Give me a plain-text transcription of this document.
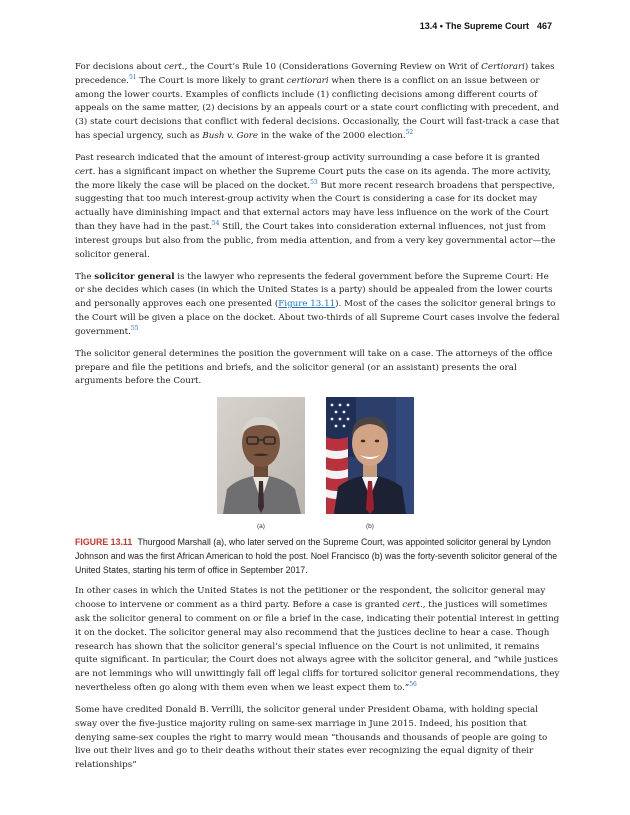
13.4 • The Supreme Court 467

For decisions about cert., the Court’s Rule 10 (Considerations Governing Review on Writ of Certiorari) takes precedence.$^{51}$ The Court is more likely to grant certiorari when there is a conflict on an issue between or among the lower courts. Examples of conflicts include (1) conflicting decisions among different courts of appeals on the same matter, (2) decisions by an appeals court or a state court conflicting with precedent, and (3) state court decisions that conflict with federal decisions. Occasionally, the Court will fast-track a case that has special urgency, such as Bush v. Gore in the wake of the 2000 election.$^{52}$

Past research indicated that the amount of interest-group activity surrounding a case before it is granted cert. has a significant impact on whether the Supreme Court puts the case on its agenda. The more activity, the more likely the case will be placed on the docket.$^{53}$ But more recent research broadens that perspective, suggesting that too much interest-group activity when the Court is considering a case for its docket may actually have diminishing impact and that external actors may have less influence on the work of the Court than they have had in the past.$^{54}$ Still, the Court takes into consideration external influences, not just from interest groups but also from the public, from media attention, and from a very key governmental actor—the solicitor general.

The solicitor general is the lawyer who represents the federal government before the Supreme Court: He or she decides which cases (in which the United States is a party) should be appealed from the lower courts and personally approves each one presented (Figure 13.11). Most of the cases the solicitor general brings to the Court will be given a place on the docket. About two-thirds of all Supreme Court cases involve the federal government.$^{55}$

The solicitor general determines the position the government will take on a case. The attorneys of the office prepare and file the petitions and briefs, and the solicitor general (or an assistant) presents the oral arguments before the Court.

(a)	(b)

FIGURE 13.11 Thurgood Marshall (a), who later served on the Supreme Court, was appointed solicitor general by Lyndon Johnson and was the first African American to hold the post. Noel Francisco (b) was the forty-seventh solicitor general of the United States, starting his term of office in September 2017.

In other cases in which the United States is not the petitioner or the respondent, the solicitor general may choose to intervene or comment as a third party. Before a case is granted cert., the justices will sometimes ask the solicitor general to comment on or file a brief in the case, indicating their potential interest in getting it on the docket. The solicitor general may also recommend that the justices decline to hear a case. Though research has shown that the solicitor general’s special influence on the Court is not unlimited, it remains quite significant. In particular, the Court does not always agree with the solicitor general, and “while justices are not lemmings who will unwittingly fall off legal cliffs for tortured solicitor general recommendations, they nevertheless often go along with them even when we least expect them to.”$^{56}$

Some have credited Donald B. Verrilli, the solicitor general under President Obama, with holding special sway over the five-justice majority ruling on same-sex marriage in June 2015. Indeed, his position that denying same-sex couples the right to marry would mean “thousands and thousands of people are going to live out their lives and go to their deaths without their states ever recognizing the equal dignity of their relationships”
